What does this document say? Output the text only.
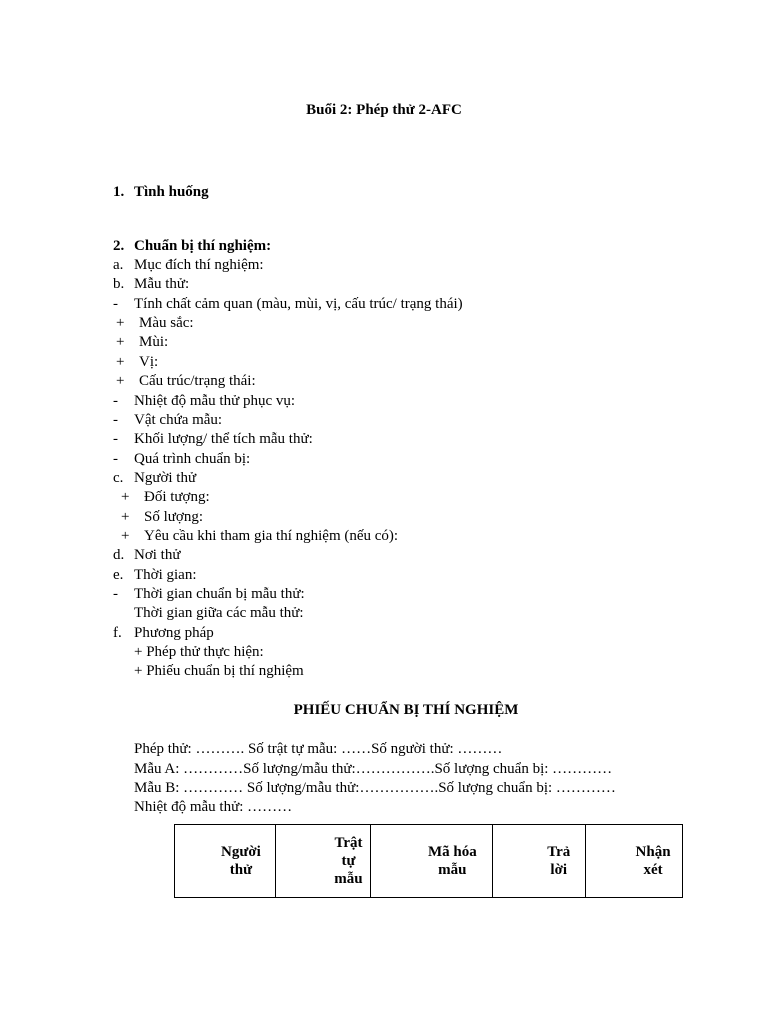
Buổi 2: Phép thử 2-AFC
1. Tình huống
2. Chuẩn bị thí nghiệm:
a. Mục đích thí nghiệm:
b. Mẫu thử:
- Tính chất cảm quan (màu, mùi, vị, cấu trúc/ trạng thái)
+ Màu sắc:
+ Mùi:
+ Vị:
+ Cấu trúc/trạng thái:
- Nhiệt độ mẫu thử phục vụ:
- Vật chứa mẫu:
- Khối lượng/ thể tích mẫu thử:
- Quá trình chuẩn bị:
c. Người thử
+ Đối tượng:
+ Số lượng:
+ Yêu cầu khi tham gia thí nghiệm (nếu có):
d. Nơi thử
e. Thời gian:
- Thời gian chuẩn bị mẫu thử:
Thời gian giữa các mẫu thử:
f. Phương pháp
+ Phép thử thực hiện:
+ Phiếu chuẩn bị thí nghiệm
PHIẾU CHUẨN BỊ THÍ NGHIỆM
Phép thử: ………. Số trật tự mẫu: ……Số người thử: ………
Mẫu A: …………Số lượng/mẫu thử:…………….Số lượng chuẩn bị: …………
Mẫu B: ………… Số lượng/mẫu thử:…………….Số lượng chuẩn bị: …………
Nhiệt độ mẫu thử: ………
Người
thử

Trật
tự
mẫu

Mã hóa
mẫu

Trả
lời

Nhận
xét
